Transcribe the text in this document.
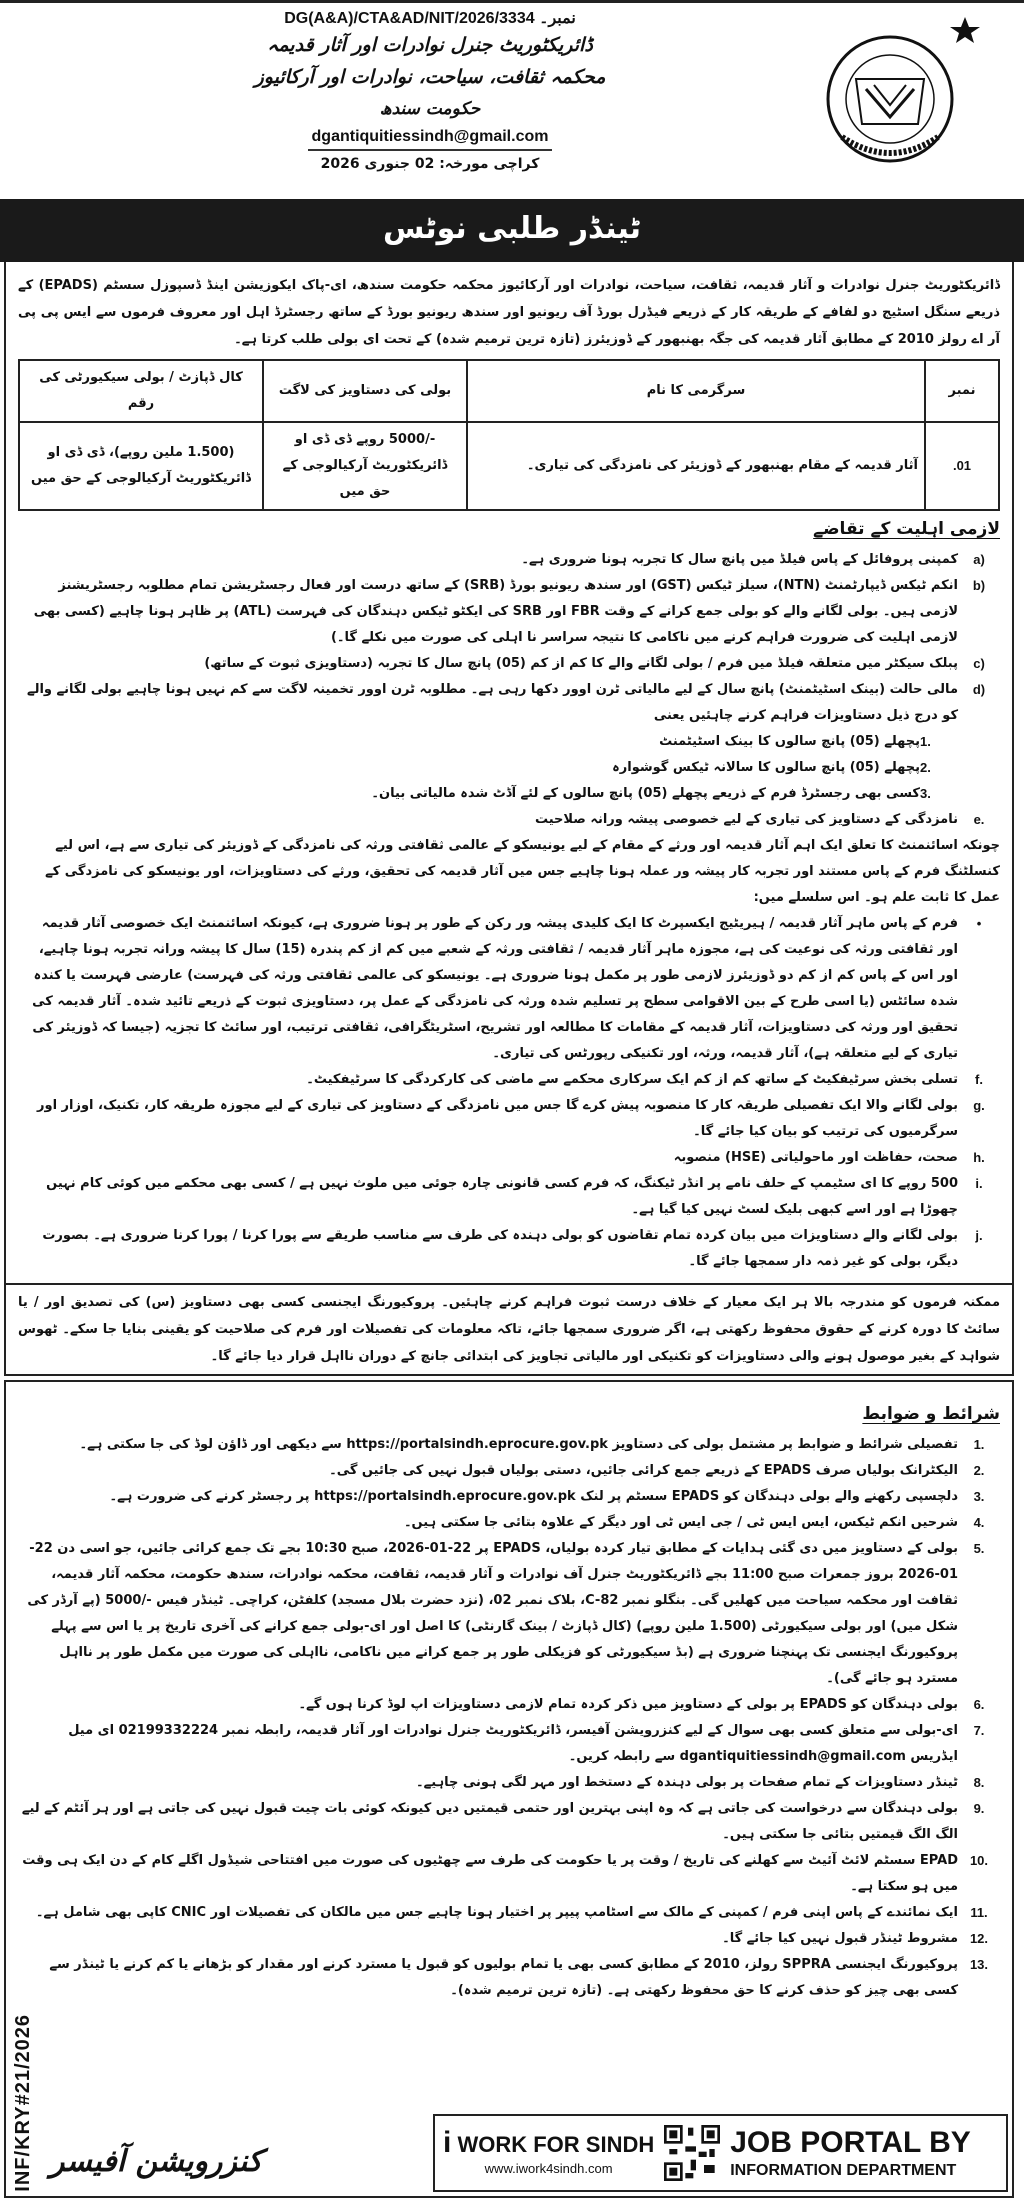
نمبر۔ DG(A&A)/CTA&AD/NIT/2026/3334
ڈائریکٹوریٹ جنرل نوادرات اور آثار قدیمہ
محکمہ ثقافت، سیاحت، نوادرات اور آرکائیوز
حکومت سندھ
dgantiquitiessindh@gmail.com
کراچی مورخہ: 02 جنوری 2026
ٹینڈر طلبی نوٹس
ڈائریکٹوریٹ جنرل نوادرات و آثار قدیمہ، ثقافت، سیاحت، نوادرات اور آرکائیوز محکمہ حکومت سندھ، ای-پاک ایکوزیشن اینڈ ڈسپوزل سسٹم (EPADS) کے ذریعے سنگل اسٹیج دو لفافے کے طریقہ کار کے ذریعے فیڈرل بورڈ آف ریونیو اور سندھ ریونیو بورڈ کے ساتھ رجسٹرڈ اہل اور معروف فرموں سے ایس پی پی آر اے رولز 2010 کے مطابق آثار قدیمہ کی جگہ بھنبھور کے ڈوزیئرز (تازہ ترین ترمیم شدہ) کے تحت ای بولی طلب کرتا ہے۔
نمبر	سرگرمی کا نام	بولی کی دستاویز کی لاگت	کال ڈپازٹ / بولی سیکیورٹی کی رقم
01.	آثار قدیمہ کے مقام بھنبھور کے ڈوزیئر کی نامزدگی کی تیاری۔	-/5000 روپے ڈی ڈی او ڈائریکٹوریٹ آرکیالوجی کے حق میں	(1.500 ملین روپے)، ڈی ڈی او ڈائریکٹوریٹ آرکیالوجی کے حق میں
لازمی اہلیت کے تقاضے
a)
کمپنی پروفائل کے پاس فیلڈ میں پانچ سال کا تجربہ ہونا ضروری ہے۔
b)
انکم ٹیکس ڈیپارٹمنٹ (NTN)، سیلز ٹیکس (GST) اور سندھ ریونیو بورڈ (SRB) کے ساتھ درست اور فعال رجسٹریشن تمام مطلوبہ رجسٹریشنز لازمی ہیں۔ بولی لگانے والے کو بولی جمع کرانے کے وقت FBR اور SRB کی ایکٹو ٹیکس دہندگان کی فہرست (ATL) پر ظاہر ہونا چاہیے (کسی بھی لازمی اہلیت کی ضرورت فراہم کرنے میں ناکامی کا نتیجہ سراسر نا اہلی کی صورت میں نکلے گا۔)
c)
پبلک سیکٹر میں متعلقہ فیلڈ میں فرم / بولی لگانے والے کا کم از کم (05) پانچ سال کا تجربہ (دستاویزی ثبوت کے ساتھ)
d)
مالی حالت (بینک اسٹیٹمنٹ) پانچ سال کے لیے مالیاتی ٹرن اوور دکھا رہی ہے۔ مطلوبہ ٹرن اوور تخمینہ لاگت سے کم نہیں ہونا چاہیے بولی لگانے والے کو درج ذیل دستاویزات فراہم کرنے چاہئیں یعنی
1.
پچھلے (05) پانچ سالوں کا بینک اسٹیٹمنٹ
2.
پچھلے (05) پانچ سالوں کا سالانہ ٹیکس گوشوارہ
3.
کسی بھی رجسٹرڈ فرم کے ذریعے پچھلے (05) پانچ سالوں کے لئے آڈٹ شدہ مالیاتی بیان۔
e.
نامزدگی کے دستاویز کی تیاری کے لیے خصوصی پیشہ ورانہ صلاحیت
چونکہ اسائنمنٹ کا تعلق ایک اہم آثار قدیمہ اور ورثے کے مقام کے لیے یونیسکو کے عالمی ثقافتی ورثہ کی نامزدگی کے ڈوزیئر کی تیاری سے ہے، اس لیے کنسلٹنگ فرم کے پاس مستند اور تجربہ کار پیشہ ور عملہ ہونا چاہیے جس میں آثار قدیمہ کی تحقیق، ورثے کی دستاویزات، اور یونیسکو کی نامزدگی کے عمل کا ثابت علم ہو۔ اس سلسلے میں:
•
فرم کے پاس ماہر آثار قدیمہ / ہیریٹیج ایکسپرٹ کا ایک کلیدی پیشہ ور رکن کے طور پر ہونا ضروری ہے، کیونکہ اسائنمنٹ ایک خصوصی آثار قدیمہ اور ثقافتی ورثہ کی نوعیت کی ہے، مجوزہ ماہر آثار قدیمہ / ثقافتی ورثہ کے شعبے میں کم از کم پندرہ (15) سال کا پیشہ ورانہ تجربہ ہونا چاہیے، اور اس کے پاس کم از کم دو ڈوزیئرز لازمی طور پر مکمل ہونا ضروری ہے۔ یونیسکو کی عالمی ثقافتی ورثہ کی فہرست) عارضی فہرست یا کندہ شدہ سائٹس (یا اسی طرح کے بین الاقوامی سطح پر تسلیم شدہ ورثہ کی نامزدگی کے عمل پر، دستاویزی ثبوت کے ذریعے تائید شدہ۔ آثار قدیمہ کی تحقیق اور ورثہ کی دستاویزات، آثار قدیمہ کے مقامات کا مطالعہ اور تشریح، اسٹریٹگرافی، ثقافتی ترتیب، اور سائٹ کا تجزیہ (جیسا کہ ڈوزیئر کی تیاری کے لیے متعلقہ ہے)، آثار قدیمہ، ورثہ، اور تکنیکی رپورٹس کی تیاری۔
f.
تسلی بخش سرٹیفکیٹ کے ساتھ کم از کم ایک سرکاری محکمے سے ماضی کی کارکردگی کا سرٹیفکیٹ۔
g.
بولی لگانے والا ایک تفصیلی طریقہ کار کا منصوبہ پیش کرے گا جس میں نامزدگی کے دستاویز کی تیاری کے لیے مجوزہ طریقہ کار، تکنیک، اوزار اور سرگرمیوں کی ترتیب کو بیان کیا جائے گا۔
h.
صحت، حفاظت اور ماحولیاتی (HSE) منصوبہ
i.
500 روپے کا ای سٹیمپ کے حلف نامے پر انڈر ٹیکنگ، کہ فرم کسی قانونی چارہ جوئی میں ملوث نہیں ہے / کسی بھی محکمے میں کوئی کام نہیں چھوڑا ہے اور اسے کبھی بلیک لسٹ نہیں کیا گیا ہے۔
j.
بولی لگانے والے دستاویزات میں بیان کردہ تمام تقاضوں کو بولی دہندہ کی طرف سے مناسب طریقے سے پورا کرنا / پورا کرنا ضروری ہے۔ بصورت دیگر، بولی کو غیر ذمہ دار سمجھا جائے گا۔
ممکنہ فرموں کو مندرجہ بالا ہر ایک معیار کے خلاف درست ثبوت فراہم کرنے چاہئیں۔ پروکیورنگ ایجنسی کسی بھی دستاویز (س) کی تصدیق اور / یا سائٹ کا دورہ کرنے کے حقوق محفوظ رکھتی ہے، اگر ضروری سمجھا جائے، تاکہ معلومات کی تفصیلات اور فرم کی صلاحیت کو یقینی بنایا جا سکے۔ ٹھوس شواہد کے بغیر موصول ہونے والی دستاویزات کو تکنیکی اور مالیاتی تجاویز کی ابتدائی جانچ کے دوران نااہل قرار دیا جائے گا۔
شرائط و ضوابط
1.
تفصیلی شرائط و ضوابط پر مشتمل بولی کی دستاویز https://portalsindh.eprocure.gov.pk سے دیکھی اور ڈاؤن لوڈ کی جا سکتی ہے۔
2.
الیکٹرانک بولیاں صرف EPADS کے ذریعے جمع کرائی جائیں، دستی بولیاں قبول نہیں کی جائیں گی۔
3.
دلچسپی رکھنے والے بولی دہندگان کو EPADS سسٹم پر لنک https://portalsindh.eprocure.gov.pk پر رجسٹر کرنے کی ضرورت ہے۔
4.
شرحیں انکم ٹیکس، ایس ایس ٹی / جی ایس ٹی اور دیگر کے علاوہ بتائی جا سکتی ہیں۔
5.
بولی کے دستاویز میں دی گئی ہدایات کے مطابق تیار کردہ بولیاں، EPADS پر 22-01-2026، صبح 10:30 بجے تک جمع کرائی جائیں، جو اسی دن 22-01-2026 بروز جمعرات صبح 11:00 بجے ڈائریکٹوریٹ جنرل آف نوادرات و آثار قدیمہ، ثقافت، محکمہ نوادرات، سندھ حکومت، محکمہ آثار قدیمہ، ثقافت اور محکمہ سیاحت میں کھلیں گی۔ بنگلو نمبر C-82، بلاک نمبر 02، (نزد حضرت بلال مسجد) کلفٹن، کراچی۔ ٹینڈر فیس -/5000 (پے آرڈر کی شکل میں) اور بولی سیکیورٹی (1.500 ملین روپے) (کال ڈپازٹ / بینک گارنٹی) کا اصل اور ای-بولی جمع کرانے کی آخری تاریخ پر یا اس سے پہلے پروکیورنگ ایجنسی تک پہنچنا ضروری ہے (بڈ سیکیورٹی کو فزیکلی طور پر جمع کرانے میں ناکامی، نااہلی کی صورت میں مکمل طور پر نااہل مسترد ہو جائے گی)۔
6.
بولی دہندگان کو EPADS پر بولی کے دستاویز میں ذکر کردہ تمام لازمی دستاویزات اپ لوڈ کرنا ہوں گے۔
7.
ای-بولی سے متعلق کسی بھی سوال کے لیے کنزرویشن آفیسر، ڈائریکٹوریٹ جنرل نوادرات اور آثار قدیمہ، رابطہ نمبر 02199332224 ای میل ایڈریس dgantiquitiessindh@gmail.com سے رابطہ کریں۔
8.
ٹینڈر دستاویزات کے تمام صفحات پر بولی دہندہ کے دستخط اور مہر لگی ہونی چاہیے۔
9.
بولی دہندگان سے درخواست کی جاتی ہے کہ وہ اپنی بہترین اور حتمی قیمتیں دیں کیونکہ کوئی بات چیت قبول نہیں کی جاتی ہے اور ہر آئٹم کے لیے الگ الگ قیمتیں بتائی جا سکتی ہیں۔
10.
EPAD سسٹم لائٹ آئیٹ سے کھلنے کی تاریخ / وقت پر یا حکومت کی طرف سے چھٹیوں کی صورت میں افتتاحی شیڈول اگلے کام کے دن ایک ہی وقت میں ہو سکتا ہے۔
11.
ایک نمائندے کے پاس اپنی فرم / کمپنی کے مالک سے اسٹامپ پیپر پر اختیار ہونا چاہیے جس میں مالکان کی تفصیلات اور CNIC کاپی بھی شامل ہے۔
12.
مشروط ٹینڈر قبول نہیں کیا جائے گا۔
13.
پروکیورنگ ایجنسی SPPRA رولز، 2010 کے مطابق کسی بھی یا تمام بولیوں کو قبول یا مسترد کرنے اور مقدار کو بڑھانے یا کم کرنے یا ٹینڈر سے کسی بھی چیز کو حذف کرنے کا حق محفوظ رکھتی ہے۔ (تازہ ترین ترمیم شدہ)۔
INF/KRY#21/2026 کنزرویشن آفیسر
i WORK FOR SINDH
www.iwork4sindh.com
JOB PORTAL BY
INFORMATION DEPARTMENT
